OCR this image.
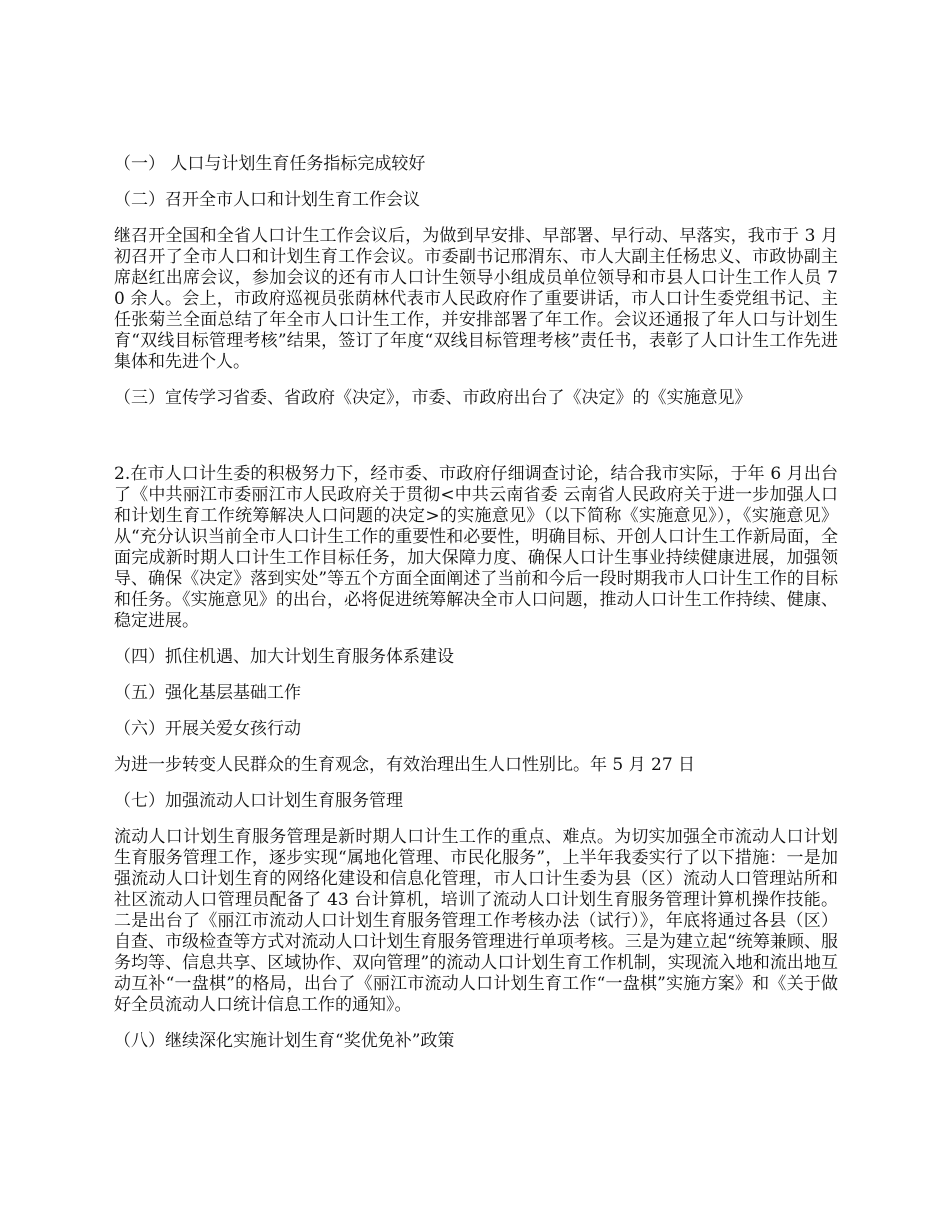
（一） 人口与计划生育任务指标完成较好

（二）召开全市人口和计划生育工作会议

继召开全国和全省人口计生工作会议后，为做到早安排、早部署、早行动、早落实，我市于 3 月初召开了全市人口和计划生育工作会议。市委副书记邢渭东、市人大副主任杨忠义、市政协副主席赵红出席会议，参加会议的还有市人口计生领导小组成员单位领导和市县人口计生工作人员 70 余人。会上，市政府巡视员张荫林代表市人民政府作了重要讲话，市人口计生委党组书记、主任张菊兰全面总结了年全市人口计生工作，并安排部署了年工作。会议还通报了年人口与计划生育“双线目标管理考核”结果，签订了年度“双线目标管理考核”责任书，表彰了人口计生工作先进集体和先进个人。

（三）宣传学习省委、省政府《决定》，市委、市政府出台了《决定》的《实施意见》

2.在市人口计生委的积极努力下，经市委、市政府仔细调查讨论，结合我市实际，于年 6 月出台了《中共丽江市委丽江市人民政府关于贯彻<中共云南省委 云南省人民政府关于进一步加强人口和计划生育工作统筹解决人口问题的决定>的实施意见》（以下简称《实施意见》），《实施意见》从“充分认识当前全市人口计生工作的重要性和必要性，明确目标、开创人口计生工作新局面，全面完成新时期人口计生工作目标任务，加大保障力度、确保人口计生事业持续健康进展，加强领导、确保《决定》落到实处”等五个方面全面阐述了当前和今后一段时期我市人口计生工作的目标和任务。《实施意见》的出台，必将促进统筹解决全市人口问题，推动人口计生工作持续、健康、稳定进展。

（四）抓住机遇、加大计划生育服务体系建设

（五）强化基层基础工作

（六）开展关爱女孩行动

为进一步转变人民群众的生育观念，有效治理出生人口性别比。年 5 月 27 日

（七）加强流动人口计划生育服务管理

流动人口计划生育服务管理是新时期人口计生工作的重点、难点。为切实加强全市流动人口计划生育服务管理工作，逐步实现“属地化管理、市民化服务”，上半年我委实行了以下措施：一是加强流动人口计划生育的网络化建设和信息化管理，市人口计生委为县（区）流动人口管理站所和社区流动人口管理员配备了 43 台计算机，培训了流动人口计划生育服务管理计算机操作技能。二是出台了《丽江市流动人口计划生育服务管理工作考核办法（试行）》，年底将通过各县（区）自查、市级检查等方式对流动人口计划生育服务管理进行单项考核。三是为建立起“统筹兼顾、服务均等、信息共享、区域协作、双向管理”的流动人口计划生育工作机制，实现流入地和流出地互动互补“一盘棋”的格局，出台了《丽江市流动人口计划生育工作“一盘棋”实施方案》和《关于做好全员流动人口统计信息工作的通知》。

（八）继续深化实施计划生育“奖优免补”政策
